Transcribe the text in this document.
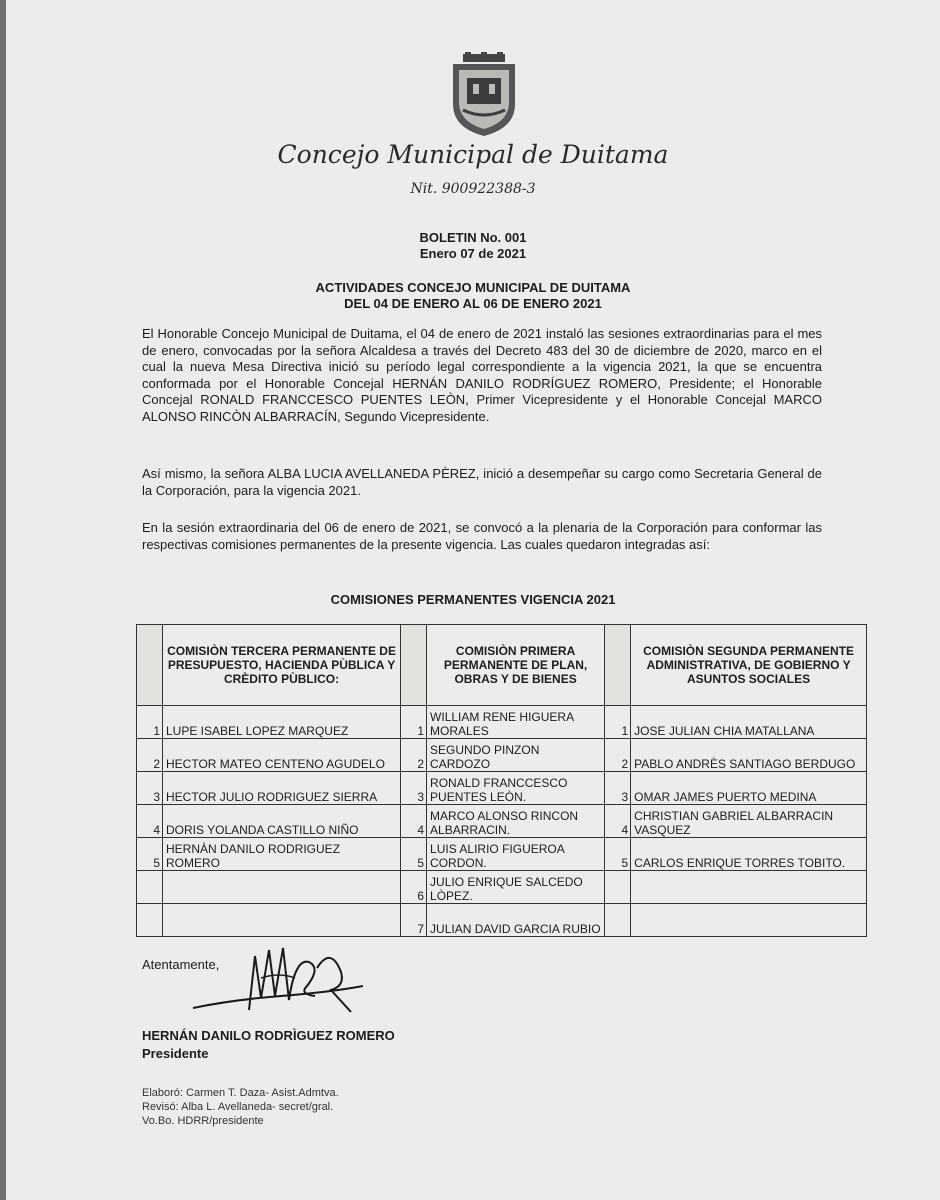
Concejo Municipal de Duitama
Nit. 900922388-3
BOLETIN No. 001
Enero 07 de 2021
ACTIVIDADES CONCEJO MUNICIPAL DE DUITAMA
DEL 04 DE ENERO AL 06 DE ENERO 2021
El Honorable Concejo Municipal de Duitama, el 04 de enero de 2021 instaló las sesiones extraordinarias para el mes de enero, convocadas por la señora Alcaldesa a través del Decreto 483 del 30 de diciembre de 2020, marco en el cual la nueva Mesa Directiva inició su período legal correspondiente a la vigencia 2021, la que se encuentra conformada por el Honorable Concejal HERNÁN DANILO RODRÍGUEZ ROMERO, Presidente; el Honorable Concejal RONALD FRANCCESCO PUENTES LEÒN, Primer Vicepresidente y el Honorable Concejal MARCO ALONSO RINCÒN ALBARRACÍN, Segundo Vicepresidente.
Así mismo, la señora ALBA LUCIA AVELLANEDA PÈREZ, inició a desempeñar su cargo como Secretaria General de la Corporación, para la vigencia 2021.
En la sesión extraordinaria del 06 de enero de 2021, se convocó a la plenaria de la Corporación para conformar las respectivas comisiones permanentes de la presente vigencia. Las cuales quedaron integradas así:
COMISIONES PERMANENTES VIGENCIA 2021
	COMISIÒN TERCERA PERMANENTE DE PRESUPUESTO, HACIENDA PÙBLICA Y CRÈDITO PÙBLICO:		COMISIÒN PRIMERA PERMANENTE DE PLAN, OBRAS Y DE BIENES		COMISIÒN SEGUNDA PERMANENTE ADMINISTRATIVA, DE GOBIERNO Y ASUNTOS SOCIALES
1	LUPE ISABEL LOPEZ MARQUEZ	1	WILLIAM RENE HIGUERA MORALES	1	JOSE JULIAN CHIA MATALLANA
2	HECTOR MATEO CENTENO AGUDELO	2	SEGUNDO PINZON CARDOZO	2	PABLO ANDRÈS SANTIAGO BERDUGO
3	HECTOR JULIO RODRIGUEZ SIERRA	3	RONALD FRANCCESCO PUENTES LEÒN.	3	OMAR JAMES PUERTO MEDINA
4	DORIS YOLANDA CASTILLO NIÑO	4	MARCO ALONSO RINCON ALBARRACIN.	4	CHRISTIAN GABRIEL ALBARRACIN VASQUEZ
5	HERNÀN DANILO RODRIGUEZ ROMERO	5	LUIS ALIRIO FIGUEROA CORDON.	5	CARLOS ENRIQUE TORRES TOBITO.
		6	JULIO ENRIQUE SALCEDO LÒPEZ.		
		7	JULIAN DAVID GARCIA RUBIO		
Atentamente,
HERNÁN DANILO RODRÌGUEZ ROMERO
Presidente
Elaboró: Carmen T. Daza- Asist.Admtva.
Revisó: Alba L. Avellaneda- secret/gral.
Vo.Bo. HDRR/presidente
